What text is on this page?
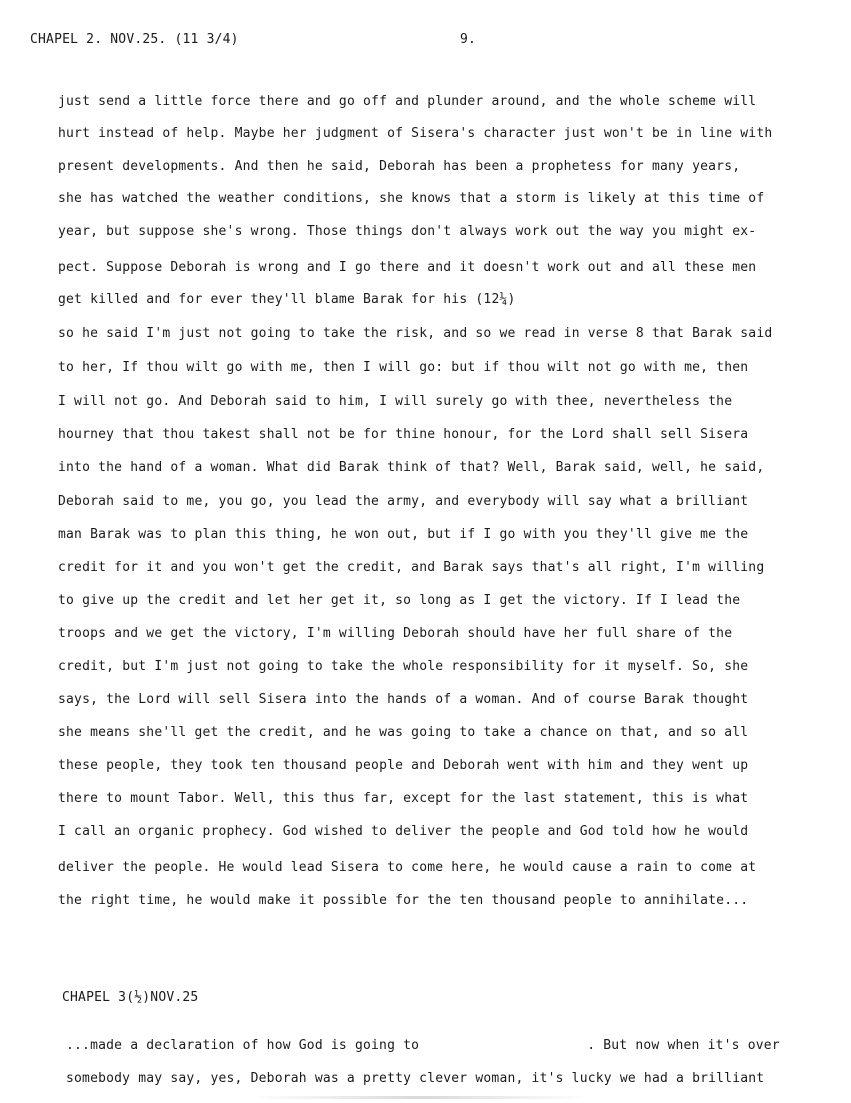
CHAPEL 2. NOV.25. (11 3/4)	9.
just send a little force there and go off and plunder around, and the whole scheme will
hurt instead of help. Maybe her judgment of Sisera's character just won't be in line with
present developments. And then he said, Deborah has been a prophetess for many years,
she has watched the weather conditions, she knows that a storm is likely at this time of
year, but suppose she's wrong. Those things don't always work out the way you might ex-
pect. Suppose Deborah is wrong and I go there and it doesn't work out and all these men
get killed and for ever they'll blame Barak for his (12¼)
so he said I'm just not going to take the risk, and so we read in verse 8 that Barak said
to her, If thou wilt go with me, then I will go: but if thou wilt not go with me, then
I will not go. And Deborah said to him, I will surely go with thee, nevertheless the
hourney that thou takest shall not be for thine honour, for the Lord shall sell Sisera
into the hand of a woman. What did Barak think of that? Well, Barak said, well, he said,
Deborah said to me, you go, you lead the army, and everybody will say what a brilliant
man Barak was to plan this thing, he won out, but if I go with you they'll give me the
credit for it and you won't get the credit, and Barak says that's all right, I'm willing
to give up the credit and let her get it, so long as I get the victory. If I lead the
troops and we get the victory, I'm willing Deborah should have her full share of the
credit, but I'm just not going to take the whole responsibility for it myself. So, she
says, the Lord will sell Sisera into the hands of a woman. And of course Barak thought
she means she'll get the credit, and he was going to take a chance on that, and so all
these people, they took ten thousand people and Deborah went with him and they went up
there to mount Tabor. Well, this thus far, except for the last statement, this is what
I call an organic prophecy. God wished to deliver the people and God told how he would
deliver the people. He would lead Sisera to come here, he would cause a rain to come at
the right time, he would make it possible for the ten thousand people to annihilate...
CHAPEL 3(½)NOV.25
...made a declaration of how God is going to	. But now when it's over
somebody may say, yes, Deborah was a pretty clever woman, it's lucky we had a brilliant
